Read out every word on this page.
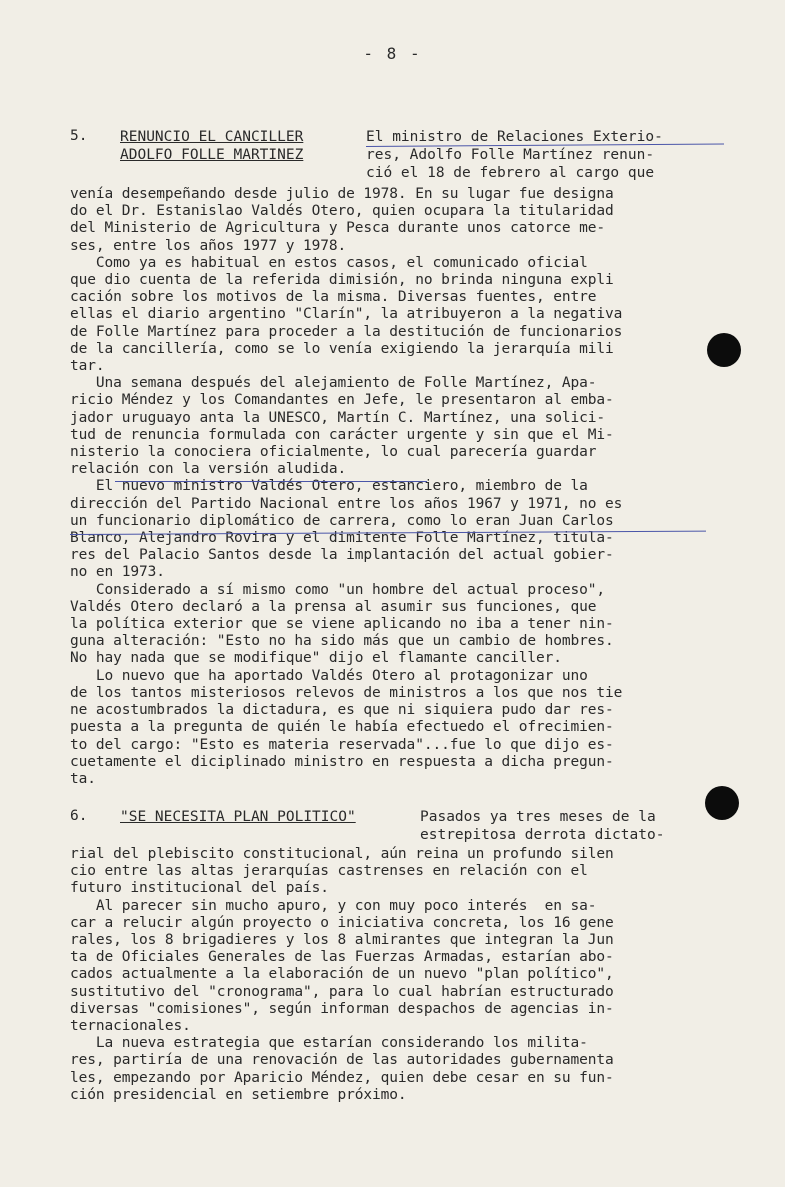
- 8 -
5. RENUNCIO EL CANCILLER
ADOLFO FOLLE MARTINEZ
El ministro de Relaciones Exterio-
res, Adolfo Folle Martínez renun-
ció el 18 de febrero al cargo que

venía desempeñando desde julio de 1978. En su lugar fue designa

do el Dr. Estanislao Valdés Otero, quien ocupara la titularidad

del Ministerio de Agricultura y Pesca durante unos catorce me-

ses, entre los años 1977 y 1978.

Como ya es habitual en estos casos, el comunicado oficial

que dio cuenta de la referida dimisión, no brinda ninguna expli

cación sobre los motivos de la misma. Diversas fuentes, entre

ellas el diario argentino "Clarín", la atribuyeron a la negativa

de Folle Martínez para proceder a la destitución de funcionarios

de la cancillería, como se lo venía exigiendo la jerarquía mili

tar.

Una semana después del alejamiento de Folle Martínez, Apa-

ricio Méndez y los Comandantes en Jefe, le presentaron al emba-

jador uruguayo anta la UNESCO, Martín C. Martínez, una solici-

tud de renuncia formulada con carácter urgente y sin que el Mi-

nisterio la conociera oficialmente, lo cual parecería guardar

relación con la versión aludida.

El nuevo ministro Valdés Otero, estanciero, miembro de la

dirección del Partido Nacional entre los años 1967 y 1971, no es

un funcionario diplomático de carrera, como lo eran Juan Carlos

Blanco, Alejandro Rovira y el dimitente Folle Martínez, titula-

res del Palacio Santos desde la implantación del actual gobier-

no en 1973.

Considerado a sí mismo como "un hombre del actual proceso",

Valdés Otero declaró a la prensa al asumir sus funciones, que

la política exterior que se viene aplicando no iba a tener nin-

guna alteración: "Esto no ha sido más que un cambio de hombres.

No hay nada que se modifique" dijo el flamante canciller.

Lo nuevo que ha aportado Valdés Otero al protagonizar uno

de los tantos misteriosos relevos de ministros a los que nos tie

ne acostumbrados la dictadura, es que ni siquiera pudo dar res-

puesta a la pregunta de quién le había efectuedo el ofrecimien-

to del cargo: "Esto es materia reservada"...fue lo que dijo es-

cuetamente el diciplinado ministro en respuesta a dicha pregun-

ta.

6. "SE NECESITA PLAN POLITICO"	Pasados ya tres meses de la
estrepitosa derrota dictato-

rial del plebiscito constitucional, aún reina un profundo silen

cio entre las altas jerarquías castrenses en relación con el

futuro institucional del país.

Al parecer sin mucho apuro, y con muy poco interés  en sa-

car a relucir algún proyecto o iniciativa concreta, los 16 gene

rales, los 8 brigadieres y los 8 almirantes que integran la Jun

ta de Oficiales Generales de las Fuerzas Armadas, estarían abo-

cados actualmente a la elaboración de un nuevo "plan político",

sustitutivo del "cronograma", para lo cual habrían estructurado

diversas "comisiones", según informan despachos de agencias in-

ternacionales.

La nueva estrategia que estarían considerando los milita-

res, partiría de una renovación de las autoridades gubernamenta

les, empezando por Aparicio Méndez, quien debe cesar en su fun-

ción presidencial en setiembre próximo.
